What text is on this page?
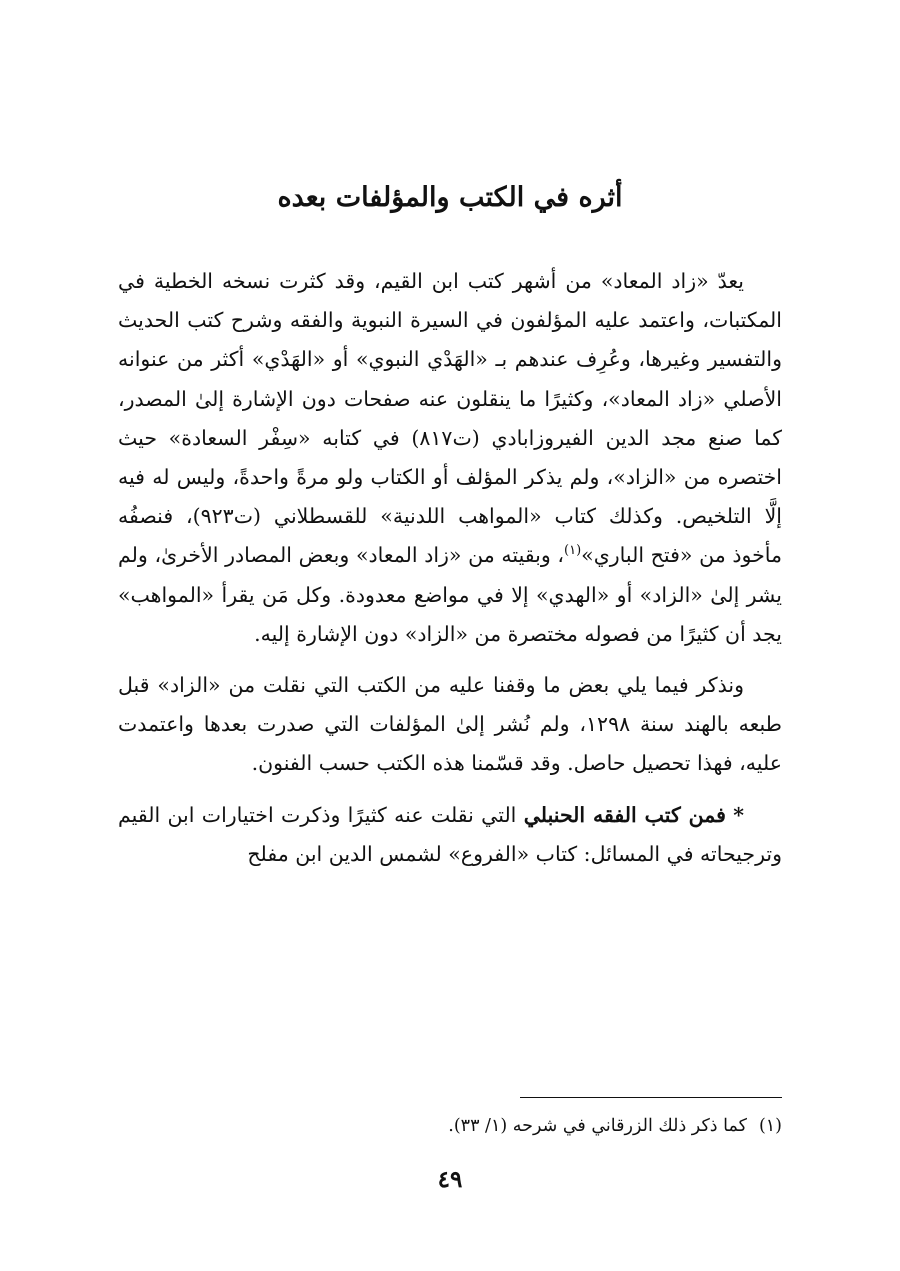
أثره في الكتب والمؤلفات بعده

يعدّ «زاد المعاد» من أشهر كتب ابن القيم، وقد كثرت نسخه الخطية في المكتبات، واعتمد عليه المؤلفون في السيرة النبوية والفقه وشرح كتب الحديث والتفسير وغيرها، وعُرِف عندهم بـ «الهَدْي النبوي» أو «الهَدْي» أكثر من عنوانه الأصلي «زاد المعاد»، وكثيرًا ما ينقلون عنه صفحات دون الإشارة إلىٰ المصدر، كما صنع مجد الدين الفيروزابادي (ت٨١٧) في كتابه «سِفْر السعادة» حيث اختصره من «الزاد»، ولم يذكر المؤلف أو الكتاب ولو مرةً واحدةً، وليس له فيه إلَّا التلخيص. وكذلك كتاب «المواهب اللدنية» للقسطلاني (ت٩٢٣)، فنصفُه مأخوذ من «فتح الباري»$^{(١)}$، وبقيته من «زاد المعاد» وبعض المصادر الأخرىٰ، ولم يشر إلىٰ «الزاد» أو «الهدي» إلا في مواضع معدودة. وكل مَن يقرأ «المواهب» يجد أن كثيرًا من فصوله مختصرة من «الزاد» دون الإشارة إليه.

ونذكر فيما يلي بعض ما وقفنا عليه من الكتب التي نقلت من «الزاد» قبل طبعه بالهند سنة ١٢٩٨، ولم نُشر إلىٰ المؤلفات التي صدرت بعدها واعتمدت عليه، فهذا تحصيل حاصل. وقد قسّمنا هذه الكتب حسب الفنون.

* فمن كتب الفقه الحنبلي التي نقلت عنه كثيرًا وذكرت اختيارات ابن القيم وترجيحاته في المسائل: كتاب «الفروع» لشمس الدين ابن مفلح

(١)كما ذكر ذلك الزرقاني في شرحه (١/ ٣٣).
٤٩
